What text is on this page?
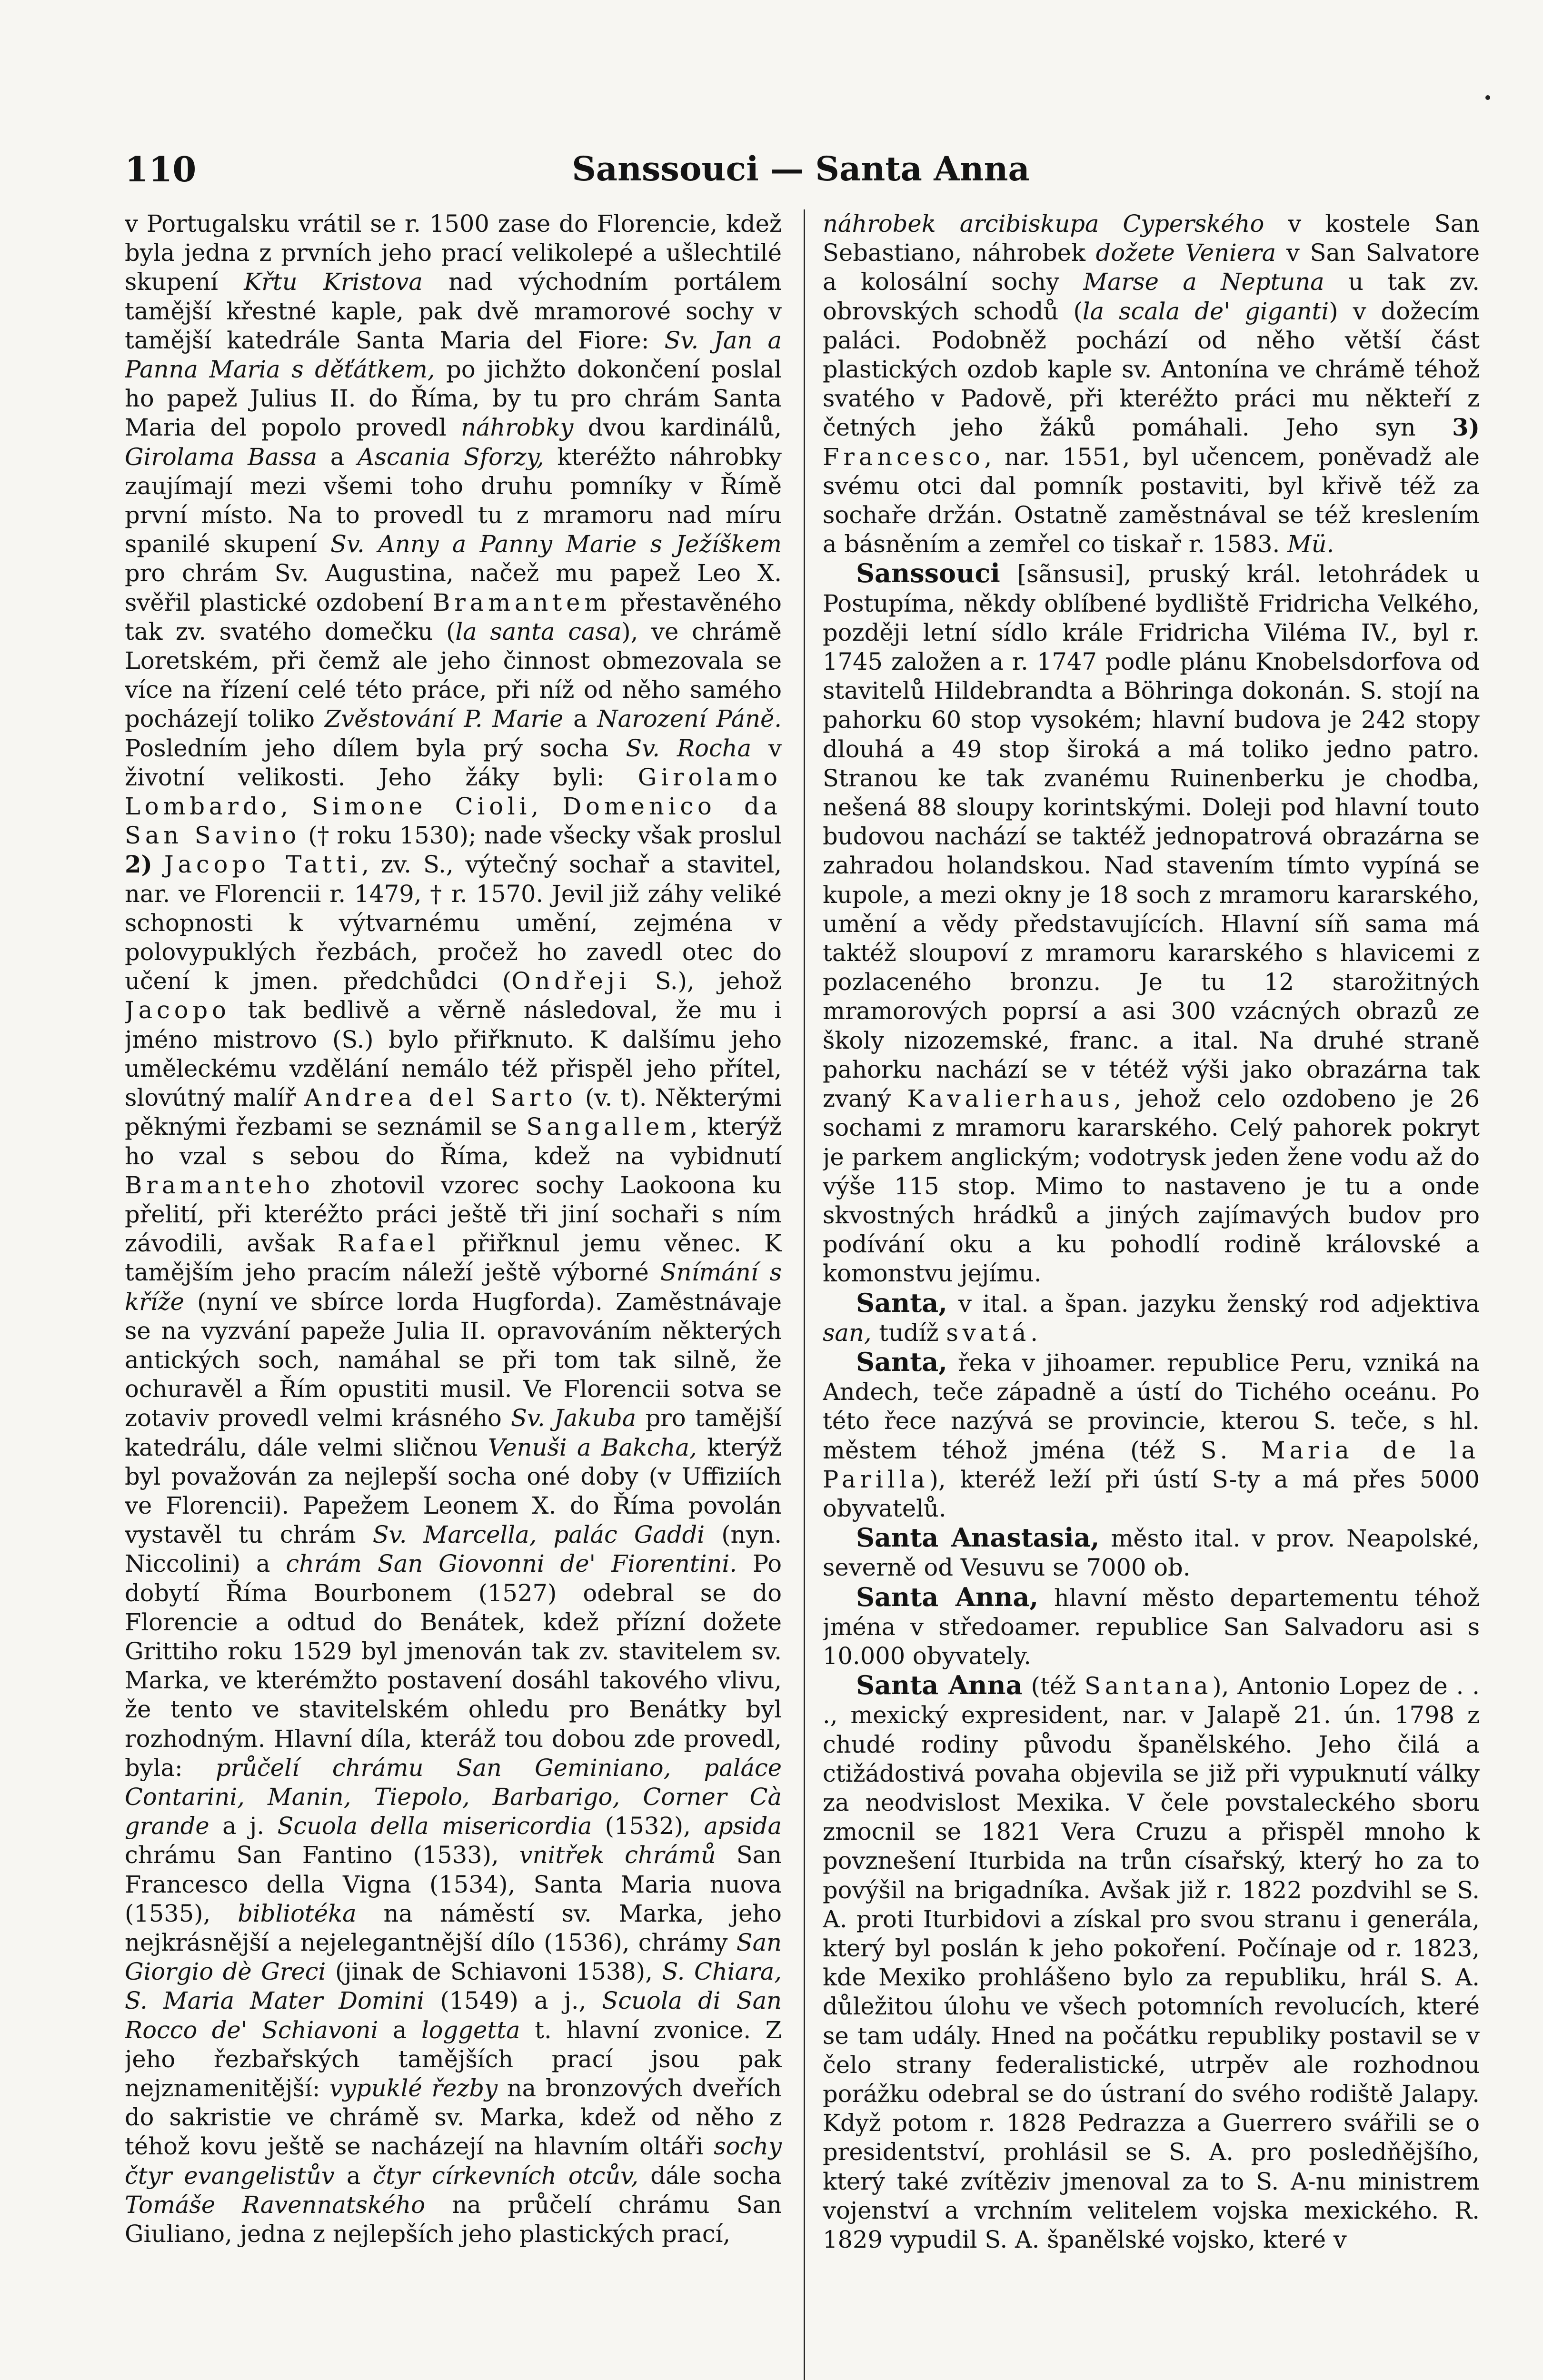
110	Sanssouci — Santa Anna

v Portugalsku vrátil se r. 1500 zase do Florencie, kdež byla jedna z prvních jeho prací velikolepé a ušlechtilé skupení Křtu Kristova nad východním portálem tamější křestné kaple, pak dvě mramorové sochy v tamější katedrále Santa Maria del Fiore: Sv. Jan a Panna Maria s děťátkem, po jichžto dokončení poslal ho papež Julius II. do Říma, by tu pro chrám Santa Maria del popolo provedl náhrobky dvou kardinálů, Girolama Bassa a Ascania Sforzy, kteréžto náhrobky zaujímají mezi všemi toho druhu pomníky v Římě první místo. Na to provedl tu z mramoru nad míru spanilé skupení Sv. Anny a Panny Marie s Ježíškem pro chrám Sv. Augustina, načež mu papež Leo X. svěřil plastické ozdobení Bramantem přestavěného tak zv. svatého domečku (la santa casa), ve chrámě Loretském, při čemž ale jeho činnost obmezovala se více na řízení celé této práce, při níž od něho samého pocházejí toliko Zvěstování P. Marie a Narození Páně. Posledním jeho dílem byla prý socha Sv. Rocha v životní velikosti. Jeho žáky byli: Girolamo Lombardo, Simone Cioli, Domenico da San Savino († roku 1530); nade všecky však proslul 2) Jacopo Tatti, zv. S., výtečný sochař a stavitel, nar. ve Florencii r. 1479, † r. 1570. Jevil již záhy veliké schopnosti k výtvarnému umění, zejména v polovypuklých řezbách, pročež ho zavedl otec do učení k jmen. předchůdci (Ondřeji S.), jehož Jacopo tak bedlivě a věrně následoval, že mu i jméno mistrovo (S.) bylo přiřknuto. K dalšímu jeho uměleckému vzdělání nemálo též přispěl jeho přítel, slovútný malíř Andrea del Sarto (v. t). Některými pěknými řezbami se seznámil se Sangallem, kterýž ho vzal s sebou do Říma, kdež na vybidnutí Bramanteho zhotovil vzorec sochy Laokoona ku přelití, při kteréžto práci ještě tři jiní sochaři s ním závodili, avšak Rafael přiřknul jemu věnec. K tamějším jeho pracím náleží ještě výborné Snímání s kříže (nyní ve sbírce lorda Hugforda). Zaměstnávaje se na vyzvání papeže Julia II. opravováním některých antických soch, namáhal se při tom tak silně, že ochuravěl a Řím opustiti musil. Ve Florencii sotva se zotaviv provedl velmi krásného Sv. Jakuba pro tamější katedrálu, dále velmi sličnou Venuši a Bakcha, kterýž byl považován za nejlepší socha oné doby (v Uffiziích ve Florencii). Papežem Leonem X. do Říma povolán vystavěl tu chrám Sv. Marcella, palác Gaddi (nyn. Niccolini) a chrám San Giovonni de' Fiorentini. Po dobytí Říma Bourbonem (1527) odebral se do Florencie a odtud do Benátek, kdež přízní dožete Grittiho roku 1529 byl jmenován tak zv. stavitelem sv. Marka, ve kterémžto postavení dosáhl takového vlivu, že tento ve stavitelském ohledu pro Benátky byl rozhodným. Hlavní díla, kteráž tou dobou zde provedl, byla: průčelí chrámu San Geminiano, palácе Contarini, Manin, Tiepolo, Barbarigo, Corner Cà grande a j. Scuola della misericordia (1532), apsida chrámu San Fantino (1533), vnitřek chrámů San Francesco della Vigna (1534), Santa Maria nuova (1535), bibliotéka na náměstí sv. Marka, jeho nejkrásnější a nejelegantnější dílo (1536), chrámy San Giorgio dè Greci (jinak de Schiavoni 1538), S. Chiara, S. Maria Mater Domini (1549) a j., Scuola di San Rocco de' Schiavoni a loggetta t. hlavní zvonice. Z jeho řezbařských tamějších prací jsou pak nejznamenitější: vypuklé řezby na bronzových dveřích do sakristie ve chrámě sv. Marka, kdež od něho z téhož kovu ještě se nacházejí na hlavním oltáři sochy čtyr evangelistův a čtyr církevních otcův, dále socha Tomáše Ravennatského na průčelí chrámu San Giuliano, jedna z nejlepších jeho plastických prací,

náhrobek arcibiskupa Cyperského v kostele San Sebastiano, náhrobek dožete Veniera v San Salvatore a kolosální sochy Marse a Neptuna u tak zv. obrovských schodů (la scala de' giganti) v dožecím paláci. Podobněž pochází od něho větší část plastických ozdob kaple sv. Antonína ve chrámě téhož svatého v Padově, při kteréžto práci mu někteří z četných jeho žáků pomáhali. Jeho syn 3) Francesco, nar. 1551, byl učencem, poněvadž ale svému otci dal pomník postaviti, byl křivě též za sochaře držán. Ostatně zaměstnával se též kreslením a básněním a zemřel co tiskař r. 1583. Mü.

Sanssouci [sãnsusi], pruský král. letohrádek u Postupíma, někdy oblíbené bydliště Fridricha Velkého, později letní sídlo krále Fridricha Viléma IV., byl r. 1745 založen a r. 1747 podle plánu Knobelsdorfova od stavitelů Hildebrandta a Böhringa dokonán. S. stojí na pahorku 60 stop vysokém; hlavní budova je 242 stopy dlouhá a 49 stop široká a má toliko jedno patro. Stranou ke tak zvanému Ruinenberku je chodba, nešená 88 sloupy korintskými. Doleji pod hlavní touto budovou nachází se taktéž jednopatrová obrazárna se zahradou holandskou. Nad stavením tímto vypíná se kupole, a mezi okny je 18 soch z mramoru kararského, umění a vědy představujících. Hlavní síň sama má taktéž sloupoví z mramoru kararského s hlavicemi z pozlaceného bronzu. Je tu 12 starožitných mramorových poprsí a asi 300 vzácných obrazů ze školy nizozemské, franc. a ital. Na druhé straně pahorku nachází se v tétéž výši jako obrazárna tak zvaný Kavalierhaus, jehož celo ozdobeno je 26 sochami z mramoru kararského. Celý pahorek pokryt je parkem anglickým; vodotrysk jeden žene vodu až do výše 115 stop. Mimo to nastaveno je tu a onde skvostných hrádků a jiných zajímavých budov pro podívání oku a ku pohodlí rodině královské a komonstvu jejímu.

Santa, v ital. a špan. jazyku ženský rod adjektiva san, tudíž svatá.

Santa, řeka v jihoamer. republice Peru, vzniká na Andech, teče západně a ústí do Tichého oceánu. Po této řece nazývá se provincie, kterou S. teče, s hl. městem téhož jména (též S. Maria de la Parilla), kteréž leží při ústí S-ty a má přes 5000 obyvatelů.

Santa Anastasia, město ital. v prov. Neapolské, severně od Vesuvu se 7000 ob.

Santa Anna, hlavní město departementu téhož jména v středoamer. republice San Salvadoru asi s 10.000 obyvately.

Santa Anna (též Santana), Antonio Lopez de . . ., mexický expresident, nar. v Jalapě 21. ún. 1798 z chudé rodiny původu španělského. Jeho čilá a ctižádostivá povaha objevila se již při vypuknutí války za neodvislost Mexika. V čele povstaleckého sboru zmocnil se 1821 Vera Cruzu a přispěl mnoho k povznešení Iturbida na trůn císařský, který ho za to povýšil na brigadníka. Avšak již r. 1822 pozdvihl se S. A. proti Iturbidovi a získal pro svou stranu i generála, který byl poslán k jeho pokoření. Počínaje od r. 1823, kde Mexiko prohlášeno bylo za republiku, hrál S. A. důležitou úlohu ve všech potomních revolucích, které se tam udály. Hned na počátku republiky postavil se v čelo strany federalistické, utrpěv ale rozhodnou porážku odebral se do ústraní do svého rodiště Jalapy. Když potom r. 1828 Pedrazza a Guerrero svářili se o presidentství, prohlásil se S. A. pro posledňějšího, který také zvítěziv jmenoval za to S. A-nu ministrem vojenství a vrchním velitelem vojska mexického. R. 1829 vypudil S. A. španělské vojsko, které v
